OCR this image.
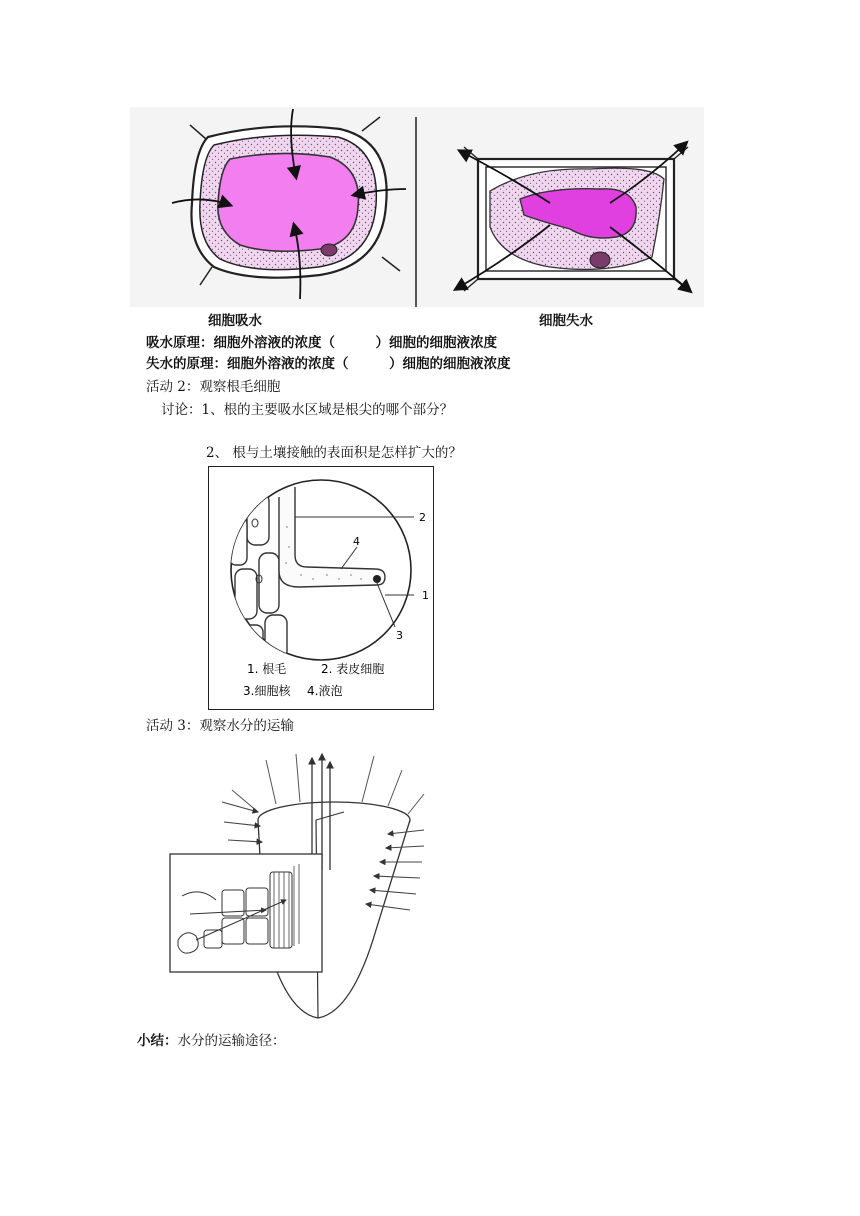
细胞吸水	细胞失水
吸水原理：细胞外溶液的浓度（　　　）细胞的细胞液浓度
失水的原理：细胞外溶液的浓度（　　　）细胞的细胞液浓度
活动 2：观察根毛细胞
讨论：1、根的主要吸水区域是根尖的哪个部分？
2、 根与土壤接触的表面积是怎样扩大的？
2
4
1
3
1. 根毛	2. 表皮细胞
3.细胞核 4.液泡
活动 3：观察水分的运输
小结：水分的运输途径：
